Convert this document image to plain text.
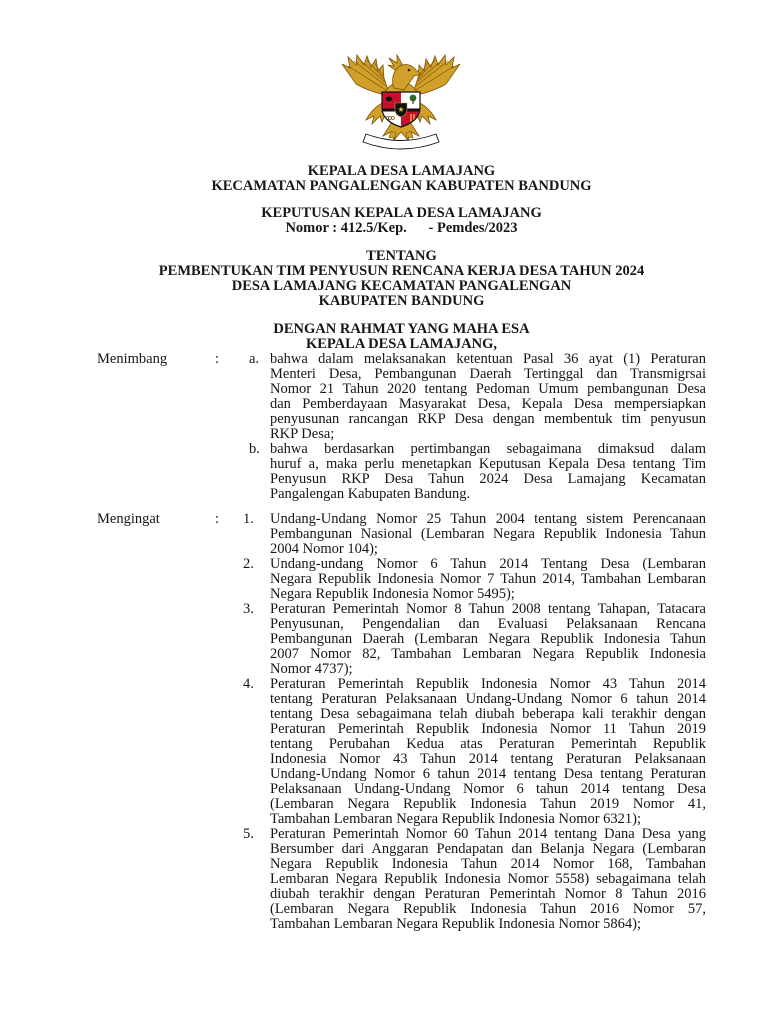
KEPALA DESA LAMAJANG
KECAMATAN PANGALENGAN KABUPATEN BANDUNG
KEPUTUSAN KEPALA DESA LAMAJANG
Nomor : 412.5/Kep.      - Pemdes/2023
TENTANG
PEMBENTUKAN TIM PENYUSUN RENCANA KERJA DESA TAHUN 2024
DESA LAMAJANG KECAMATAN PANGALENGAN
KABUPATEN BANDUNG
DENGAN RAHMAT YANG MAHA ESA
KEPALA DESA LAMAJANG,
Menimbang	: a. bahwa dalam melaksanakan ketentuan Pasal 36 ayat (1) Peraturan
Menteri Desa, Pembangunan Daerah Tertinggal dan Transmigrsai
Nomor 21 Tahun 2020 tentang Pedoman Umum pembangunan Desa
dan Pemberdayaan Masyarakat Desa, Kepala Desa mempersiapkan
penyusunan rancangan RKP Desa dengan membentuk tim penyusun
RKP Desa;
b. bahwa berdasarkan pertimbangan sebagaimana dimaksud dalam
huruf a, maka perlu menetapkan Keputusan Kepala Desa tentang Tim
Penyusun RKP Desa Tahun 2024 Desa Lamajang Kecamatan
Pangalengan Kabupaten Bandung.
Mengingat	: 1.	Undang-Undang Nomor 25 Tahun 2004 tentang sistem Perencanaan
Pembangunan Nasional (Lembaran Negara Republik Indonesia Tahun
2004 Nomor 104);
2.	Undang-undang Nomor 6 Tahun 2014 Tentang Desa (Lembaran
Negara Republik Indonesia Nomor 7 Tahun 2014, Tambahan Lembaran
Negara Republik Indonesia Nomor 5495);
3.	Peraturan Pemerintah Nomor 8 Tahun 2008 tentang Tahapan, Tatacara
Penyusunan, Pengendalian dan Evaluasi Pelaksanaan Rencana
Pembangunan Daerah (Lembaran Negara Republik Indonesia Tahun
2007 Nomor 82, Tambahan Lembaran Negara Republik Indonesia
Nomor 4737);
4.	Peraturan Pemerintah Republik Indonesia Nomor 43 Tahun 2014
tentang Peraturan Pelaksanaan Undang-Undang Nomor 6 tahun 2014
tentang Desa sebagaimana telah diubah beberapa kali terakhir dengan
Peraturan Pemerintah Republik Indonesia Nomor 11 Tahun 2019
tentang Perubahan Kedua atas Peraturan Pemerintah Republik
Indonesia Nomor 43 Tahun 2014 tentang Peraturan Pelaksanaan
Undang-Undang Nomor 6 tahun 2014 tentang Desa tentang Peraturan
Pelaksanaan Undang-Undang Nomor 6 tahun 2014 tentang Desa
(Lembaran Negara Republik Indonesia Tahun 2019 Nomor 41,
Tambahan Lembaran Negara Republik Indonesia Nomor 6321);
5.	Peraturan Pemerintah Nomor 60 Tahun 2014 tentang Dana Desa yang
Bersumber dari Anggaran Pendapatan dan Belanja Negara (Lembaran
Negara Republik Indonesia Tahun 2014 Nomor 168, Tambahan
Lembaran Negara Republik Indonesia Nomor 5558) sebagaimana telah
diubah terakhir dengan Peraturan Pemerintah Nomor 8 Tahun 2016
(Lembaran Negara Republik Indonesia Tahun 2016 Nomor 57,
Tambahan Lembaran Negara Republik Indonesia Nomor 5864);
